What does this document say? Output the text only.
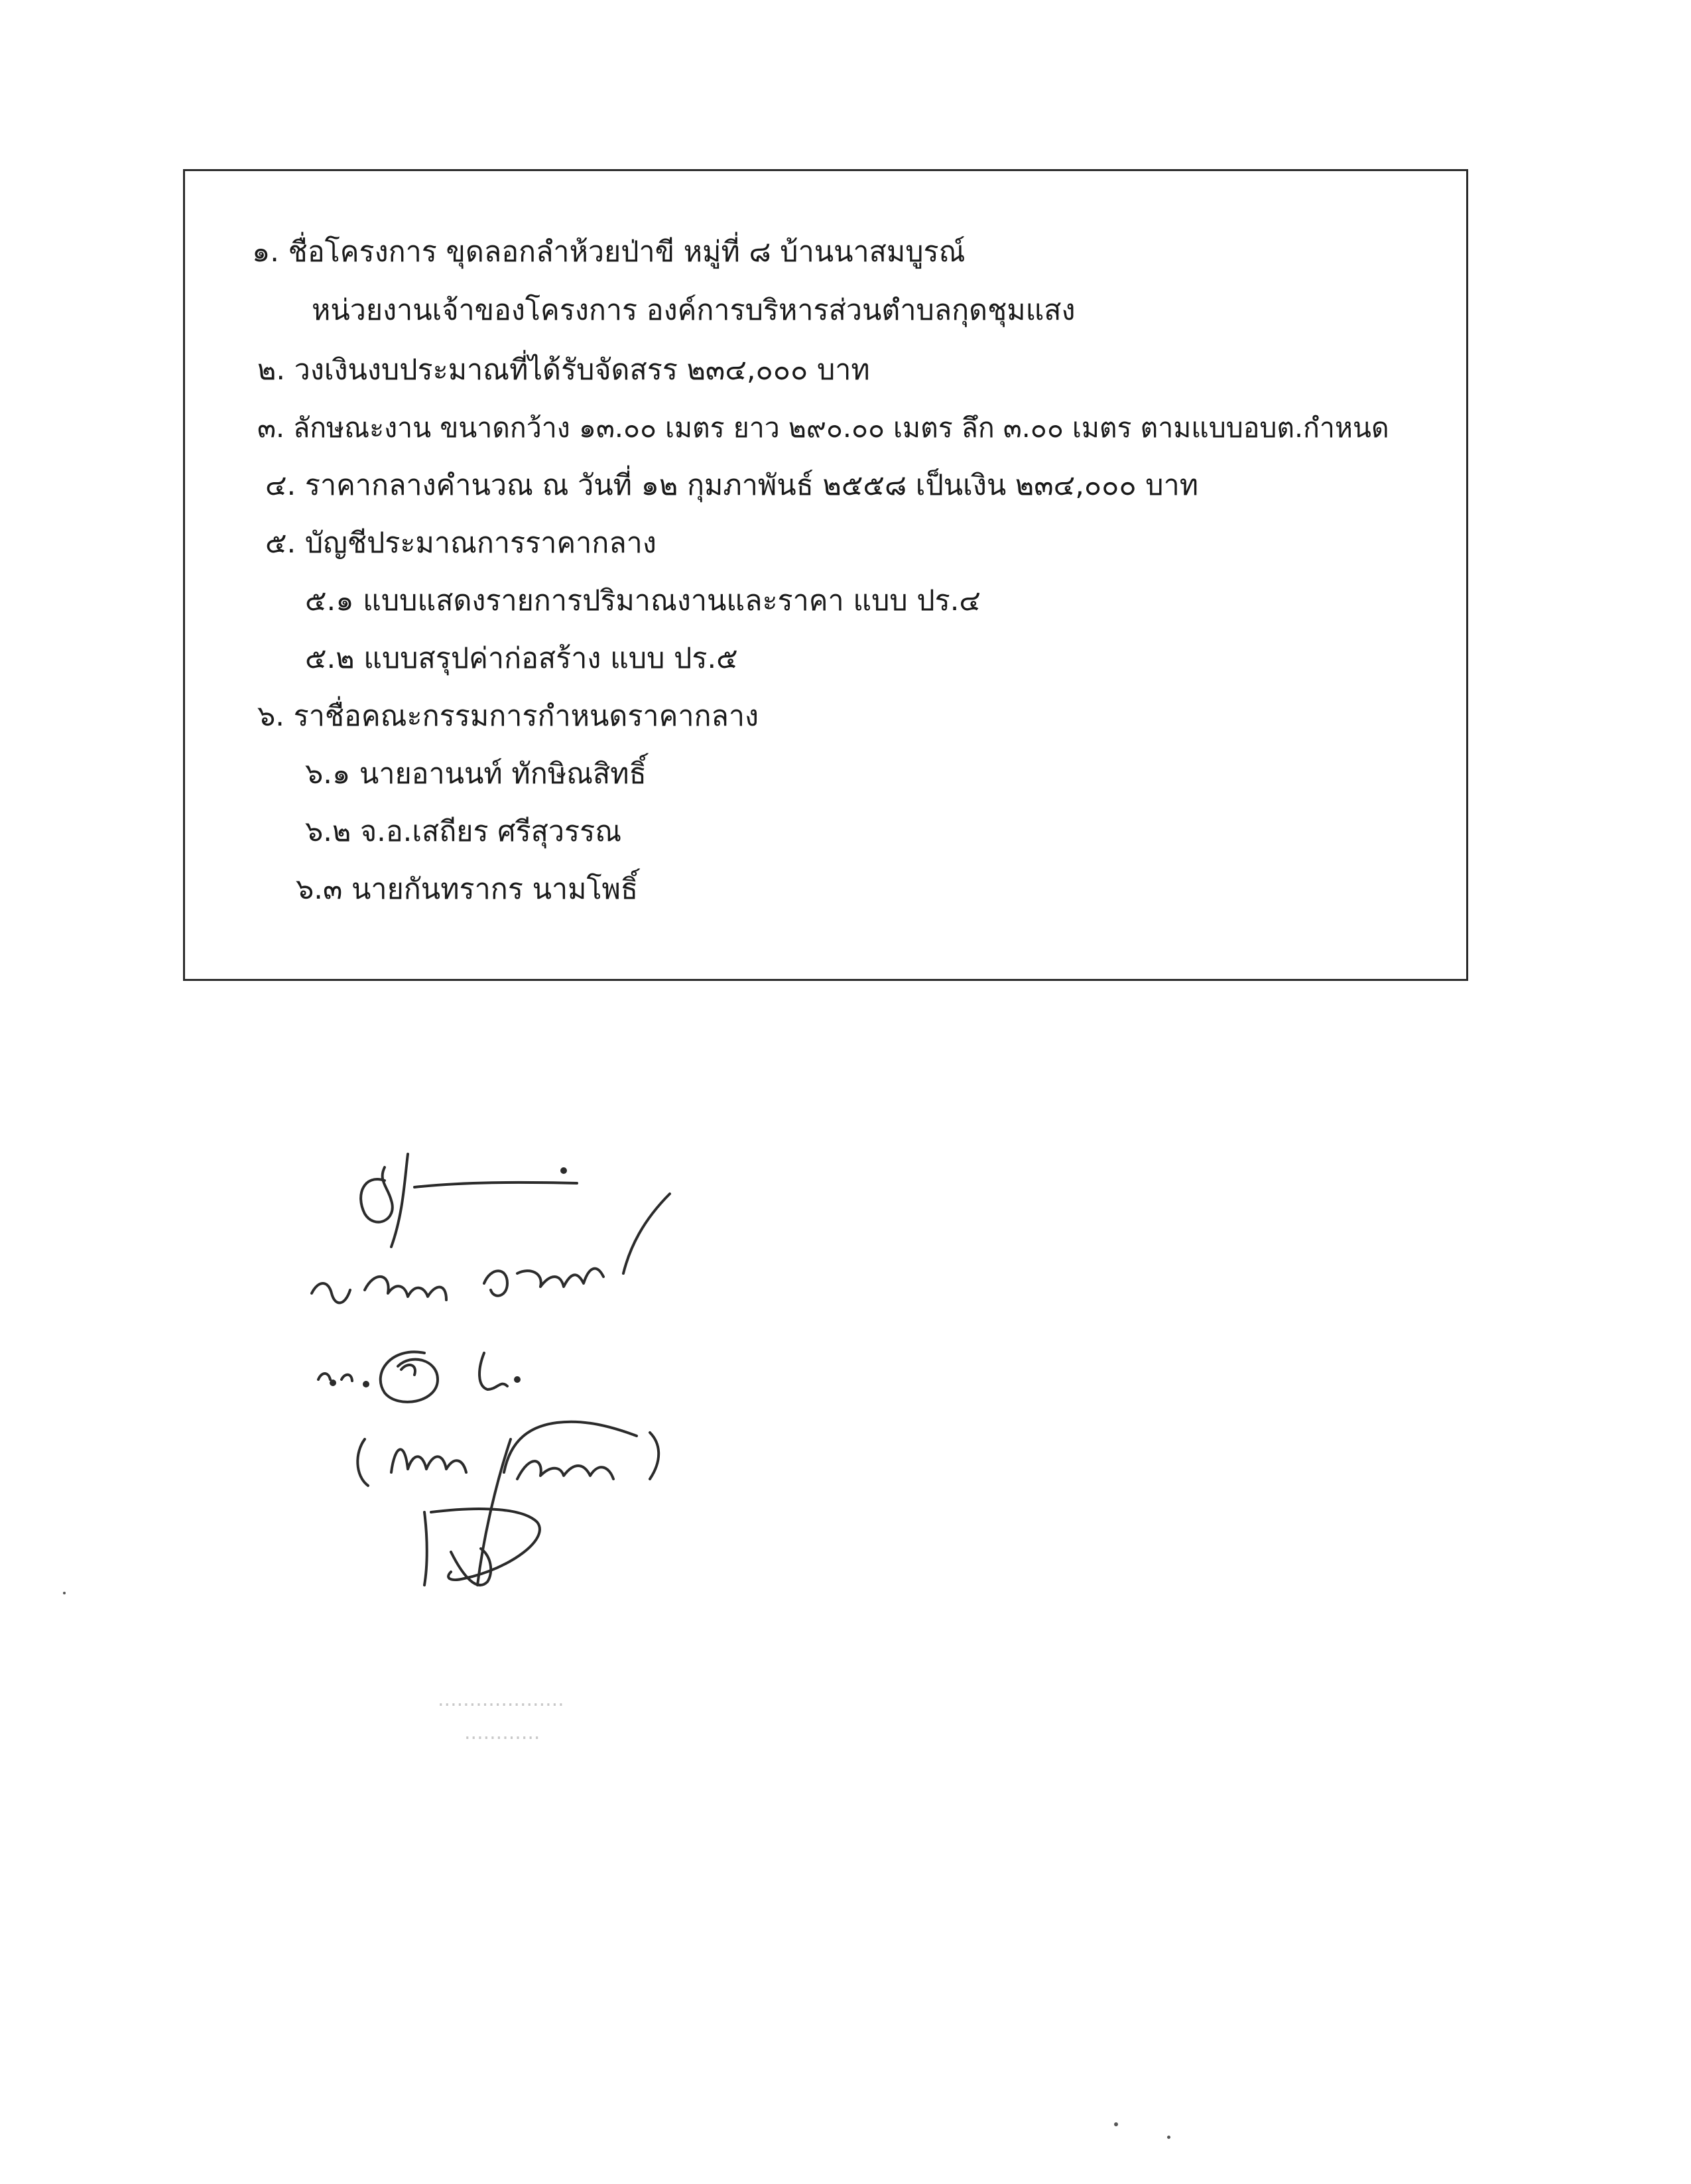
๑. ชื่อโครงการ ขุดลอกลำห้วยป่าขี หมู่ที่ ๘ บ้านนาสมบูรณ์
หน่วยงานเจ้าของโครงการ องค์การบริหารส่วนตำบลกุดชุมแสง
๒. วงเงินงบประมาณที่ได้รับจัดสรร ๒๓๔,๐๐๐ บาท
๓. ลักษณะงาน ขนาดกว้าง ๑๓.๐๐ เมตร ยาว ๒๙๐.๐๐ เมตร ลึก ๓.๐๐ เมตร ตามแบบอบต.กำหนด
๔. ราคากลางคำนวณ ณ วันที่ ๑๒ กุมภาพันธ์ ๒๕๕๘ เป็นเงิน ๒๓๔,๐๐๐ บาท
๕. บัญชีประมาณการราคากลาง
๕.๑ แบบแสดงรายการปริมาณงานและราคา แบบ ปร.๔
๕.๒ แบบสรุปค่าก่อสร้าง แบบ ปร.๕
๖. ราชื่อคณะกรรมการกำหนดราคากลาง
๖.๑ นายอานนท์ ทักษิณสิทธิ์
๖.๒ จ.อ.เสถียร ศรีสุวรรณ
๖.๓ นายกันทรากร นามโพธิ์
....................
............
